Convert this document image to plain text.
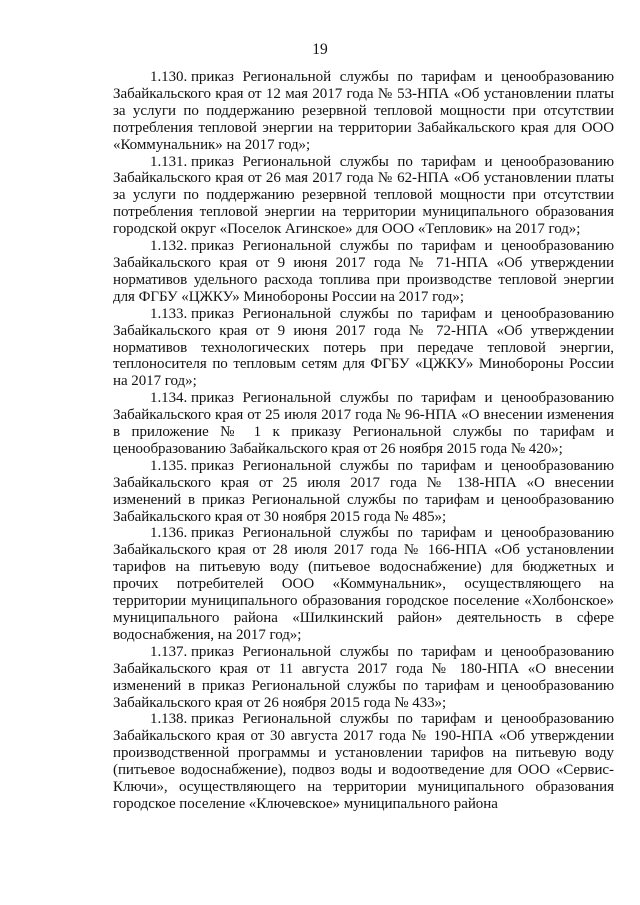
19

1.130. приказ Региональной службы по тарифам и ценообразованию Забайкальского края от 12 мая 2017 года № 53-НПА «Об установлении платы за услуги по поддержанию резервной тепловой мощности при отсутствии потребления тепловой энергии на территории Забайкальского края для ООО «Коммунальник» на 2017 год»;

1.131. приказ Региональной службы по тарифам и ценообразованию Забайкальского края от 26 мая 2017 года № 62-НПА «Об установлении платы за услуги по поддержанию резервной тепловой мощности при отсутствии потребления тепловой энергии на территории муниципального образования городской округ «Поселок Агинское» для ООО «Тепловик» на 2017 год»;

1.132. приказ Региональной службы по тарифам и ценообразованию Забайкальского края от 9 июня 2017 года № 71-НПА «Об утверждении нормативов удельного расхода топлива при производстве тепловой энергии для ФГБУ «ЦЖКУ» Минобороны России на 2017 год»;

1.133. приказ Региональной службы по тарифам и ценообразованию Забайкальского края от 9 июня 2017 года № 72-НПА «Об утверждении нормативов технологических потерь при передаче тепловой энергии, теплоносителя по тепловым сетям для ФГБУ «ЦЖКУ» Минобороны России на 2017 год»;

1.134. приказ Региональной службы по тарифам и ценообразованию Забайкальского края от 25 июля 2017 года № 96-НПА «О внесении изменения в приложение № 1 к приказу Региональной службы по тарифам и ценообразованию Забайкальского края от 26 ноября 2015 года № 420»;

1.135. приказ Региональной службы по тарифам и ценообразованию Забайкальского края от 25 июля 2017 года № 138-НПА «О внесении изменений в приказ Региональной службы по тарифам и ценообразованию Забайкальского края от 30 ноября 2015 года № 485»;

1.136. приказ Региональной службы по тарифам и ценообразованию Забайкальского края от 28 июля 2017 года № 166-НПА «Об установлении тарифов на питьевую воду (питьевое водоснабжение) для бюджетных и прочих потребителей ООО «Коммунальник», осуществляющего на территории муниципального образования городское поселение «Холбонское» муниципального района «Шилкинский район» деятельность в сфере водоснабжения, на 2017 год»;

1.137. приказ Региональной службы по тарифам и ценообразованию Забайкальского края от 11 августа 2017 года № 180-НПА «О внесении изменений в приказ Региональной службы по тарифам и ценообразованию Забайкальского края от 26 ноября 2015 года № 433»;

1.138. приказ Региональной службы по тарифам и ценообразованию Забайкальского края от 30 августа 2017 года № 190-НПА «Об утверждении производственной программы и установлении тарифов на питьевую воду (питьевое водоснабжение), подвоз воды и водоотведение для ООО «Сервис-Ключи», осуществляющего на территории муниципального образования городское поселение «Ключевское» муниципального района
